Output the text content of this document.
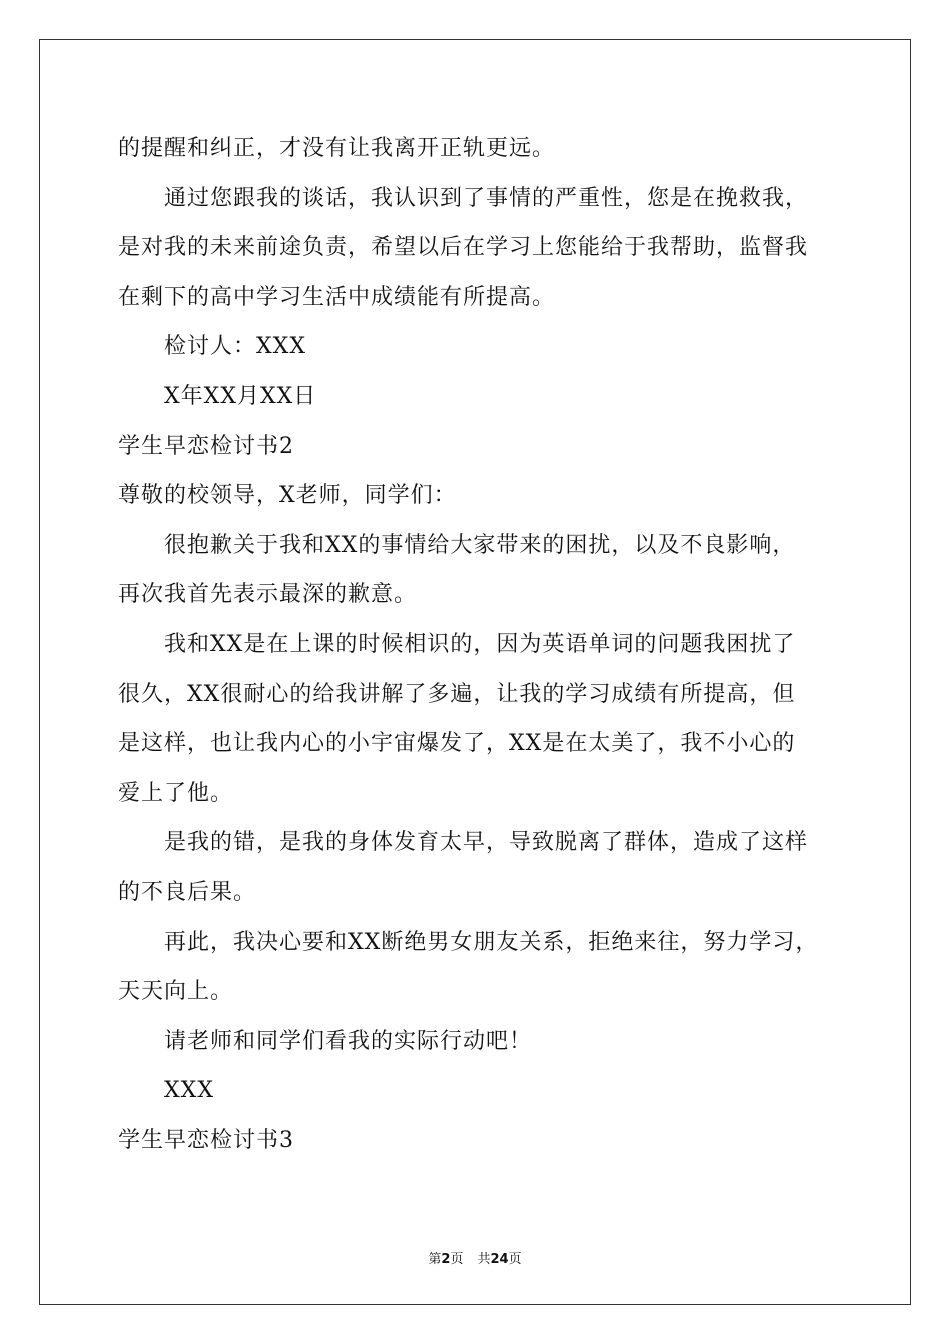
的提醒和纠正，才没有让我离开正轨更远。

通过您跟我的谈话，我认识到了事情的严重性，您是在挽救我，

是对我的未来前途负责，希望以后在学习上您能给于我帮助，监督我

在剩下的高中学习生活中成绩能有所提高。

检讨人：XXX

X年XX月XX日

学生早恋检讨书2

尊敬的校领导，X老师，同学们：

很抱歉关于我和XX的事情给大家带来的困扰，以及不良影响，

再次我首先表示最深的歉意。

我和XX是在上课的时候相识的，因为英语单词的问题我困扰了

很久，XX很耐心的给我讲解了多遍，让我的学习成绩有所提高，但

是这样，也让我内心的小宇宙爆发了，XX是在太美了，我不小心的

爱上了他。

是我的错，是我的身体发育太早，导致脱离了群体，造成了这样

的不良后果。

再此，我决心要和XX断绝男女朋友关系，拒绝来往，努力学习，

天天向上。

请老师和同学们看我的实际行动吧！

XXX

学生早恋检讨书3

第2页 共24页
